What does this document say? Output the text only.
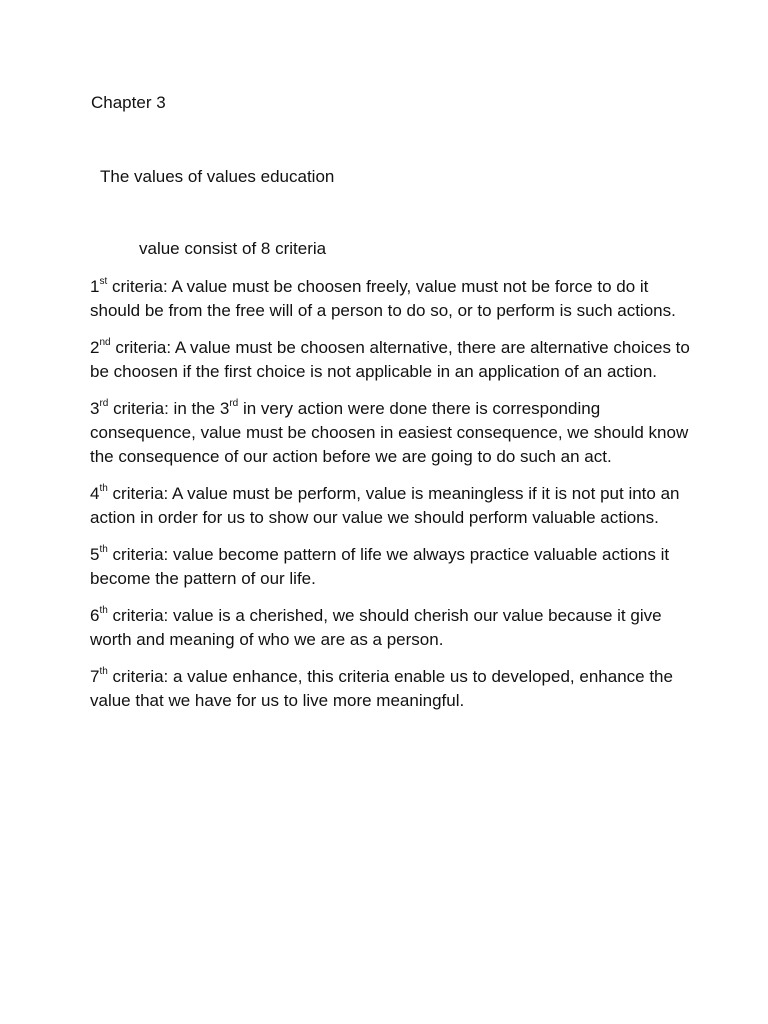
Chapter 3
The values of values education

value consist of 8 criteria

1st criteria: A value must be choosen freely, value must not be force to do it should be from the free will of a person to do so, or to perform is such actions.
2nd criteria: A value must be choosen alternative, there are alternative choices to be choosen if the first choice is not applicable in an application of an action.
3rd criteria: in the 3rd in very action were done there is corresponding consequence, value must be choosen in easiest consequence, we should know the consequence of our action before we are going to do such an act.
4th criteria: A value must be perform, value is meaningless if it is not put into an action in order for us to show our value we should perform valuable actions.
5th criteria: value become pattern of life we always practice valuable actions it become the pattern of our life.
6th criteria: value is a cherished, we should cherish our value because it give worth and meaning of who we are as a person.
7th criteria: a value enhance, this criteria enable us to developed, enhance the value that we have for us to live more meaningful.
